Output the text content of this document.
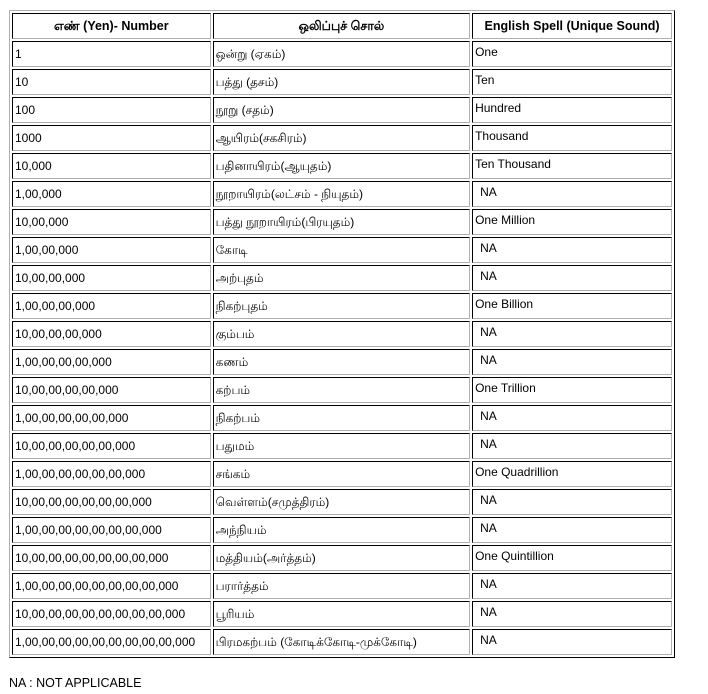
எண் (Yen)- Number	ஒலிப்புச் சொல்	English Spell (Unique Sound)
1	ஒன்று (ஏகம்)	One
10	பத்து (தசம்)	Ten
100	நூறு (சதம்)	Hundred
1000	ஆயிரம்(சகசிரம்)	Thousand
10,000	பதினாயிரம்(ஆயுதம்)	Ten Thousand
1,00,000	நூறாயிரம்(லட்சம் - நியுதம்)	NA
10,00,000	பத்து நூறாயிரம்(பிரயுதம்)	One Million
1,00,00,000	கோடி	NA
10,00,00,000	அற்புதம்	NA
1,00,00,00,000	நிகற்புதம்	One Billion
10,00,00,00,000	கும்பம்	NA
1,00,00,00,00,000	கணம்	NA
10,00,00,00,00,000	கற்பம்	One Trillion
1,00,00,00,00,00,000	நிகற்பம்	NA
10,00,00,00,00,00,000	பதுமம்	NA
1,00,00,00,00,00,00,000	சங்கம்	One Quadrillion
10,00,00,00,00,00,00,000	வெள்ளம்(சமுத்திரம்)	NA
1,00,00,00,00,00,00,00,000	அந்நியம்	NA
10,00,00,00,00,00,00,00,000	மத்தியம்(அர்த்தம்)	One Quintillion
1,00,00,00,00,00,00,00,00,000	பரார்த்தம்	NA
10,00,00,00,00,00,00,00,00,000	பூரியம்	NA
1,00,00,00,00,00,00,00,00,00,000	பிரமகற்பம் (கோடிக்கோடி-முக்கோடி)	NA
NA : NOT APPLICABLE
